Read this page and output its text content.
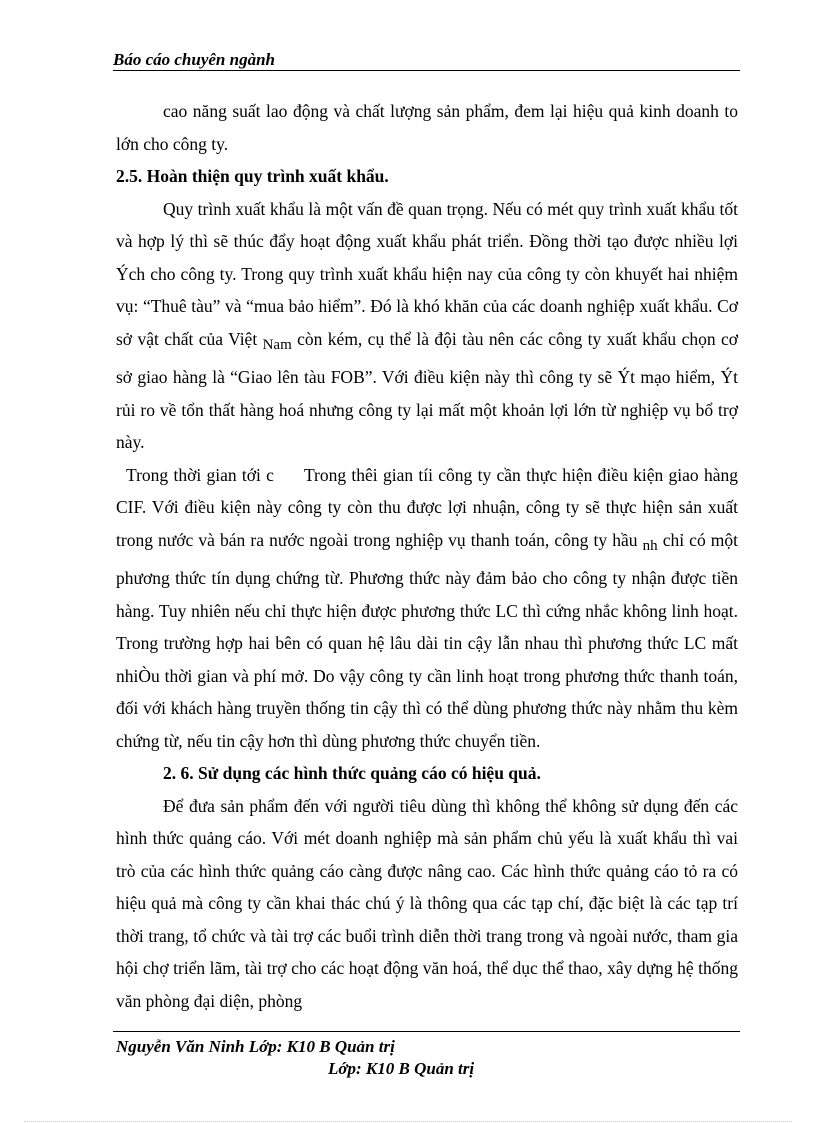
Báo cáo chuyên ngành

cao năng suất lao động và chất lượng sản phẩm, đem lại hiệu quả kinh doanh to lớn cho công ty.

2.5. Hoàn thiện quy trình xuất khẩu.

Quy trình xuất khẩu là một vấn đề quan trọng. Nếu có mét quy trình xuất khẩu tốt và hợp lý thì sẽ thúc đẩy hoạt động xuất khẩu phát triển. Đồng thời tạo được nhiều lợi Ých cho công ty. Trong quy trình xuất khẩu hiện nay của công ty còn khuyết hai nhiệm vụ: “Thuê tàu” và “mua bảo hiểm”. Đó là khó khăn của các doanh nghiệp xuất khẩu. Cơ sở vật chất của Việt Nam còn kém, cụ thể là đội tàu nên các công ty xuất khẩu chọn cơ sở giao hàng là “Giao lên tàu FOB”. Với điều kiện này thì công ty sẽ Ýt mạo hiểm, Ýt rủi ro về tổn thất hàng hoá nhưng công ty lại mất một khoản lợi lớn từ nghiệp vụ bổ trợ này.

Trong thời gian tới c Trong thêi gian tíi công ty cần thực hiện điều kiện giao hàng CIF. Với điều kiện này công ty còn thu được lợi nhuận, công ty sẽ thực hiện sản xuất trong nước và bán ra nước ngoài trong nghiệp vụ thanh toán, công ty hầu nh chỉ có một phương thức tín dụng chứng từ. Phương thức này đảm bảo cho công ty nhận được tiền hàng. Tuy nhiên nếu chỉ thực hiện được phương thức LC thì cứng nhắc không linh hoạt. Trong trường hợp hai bên có quan hệ lâu dài tin cậy lẫn nhau thì phương thức LC mất nhiÒu thời gian và phí mở. Do vậy công ty cần linh hoạt trong phương thức thanh toán, đối với khách hàng truyền thống tin cậy thì có thể dùng phương thức này nhằm thu kèm chứng từ, nếu tin cậy hơn thì dùng phương thức chuyển tiền.

2. 6. Sử dụng các hình thức quảng cáo có hiệu quả.

Để đưa sản phẩm đến với người tiêu dùng thì không thể không sử dụng đến các hình thức quảng cáo. Với mét doanh nghiệp mà sản phẩm chủ yếu là xuất khẩu thì vai trò của các hình thức quảng cáo càng được nâng cao. Các hình thức quảng cáo tỏ ra có hiệu quả mà công ty cần khai thác chú ý là thông qua các tạp chí, đặc biệt là các tạp trí thời trang, tổ chức và tài trợ các buổi trình diễn thời trang trong và ngoài nước, tham gia hội chợ triển lãm, tài trợ cho các hoạt động văn hoá, thể dục thể thao, xây dựng hệ thống văn phòng đại diện, phòng

Nguyễn Văn Ninh Lớp: K10 B Quản trị
Lớp: K10 B Quản trị
